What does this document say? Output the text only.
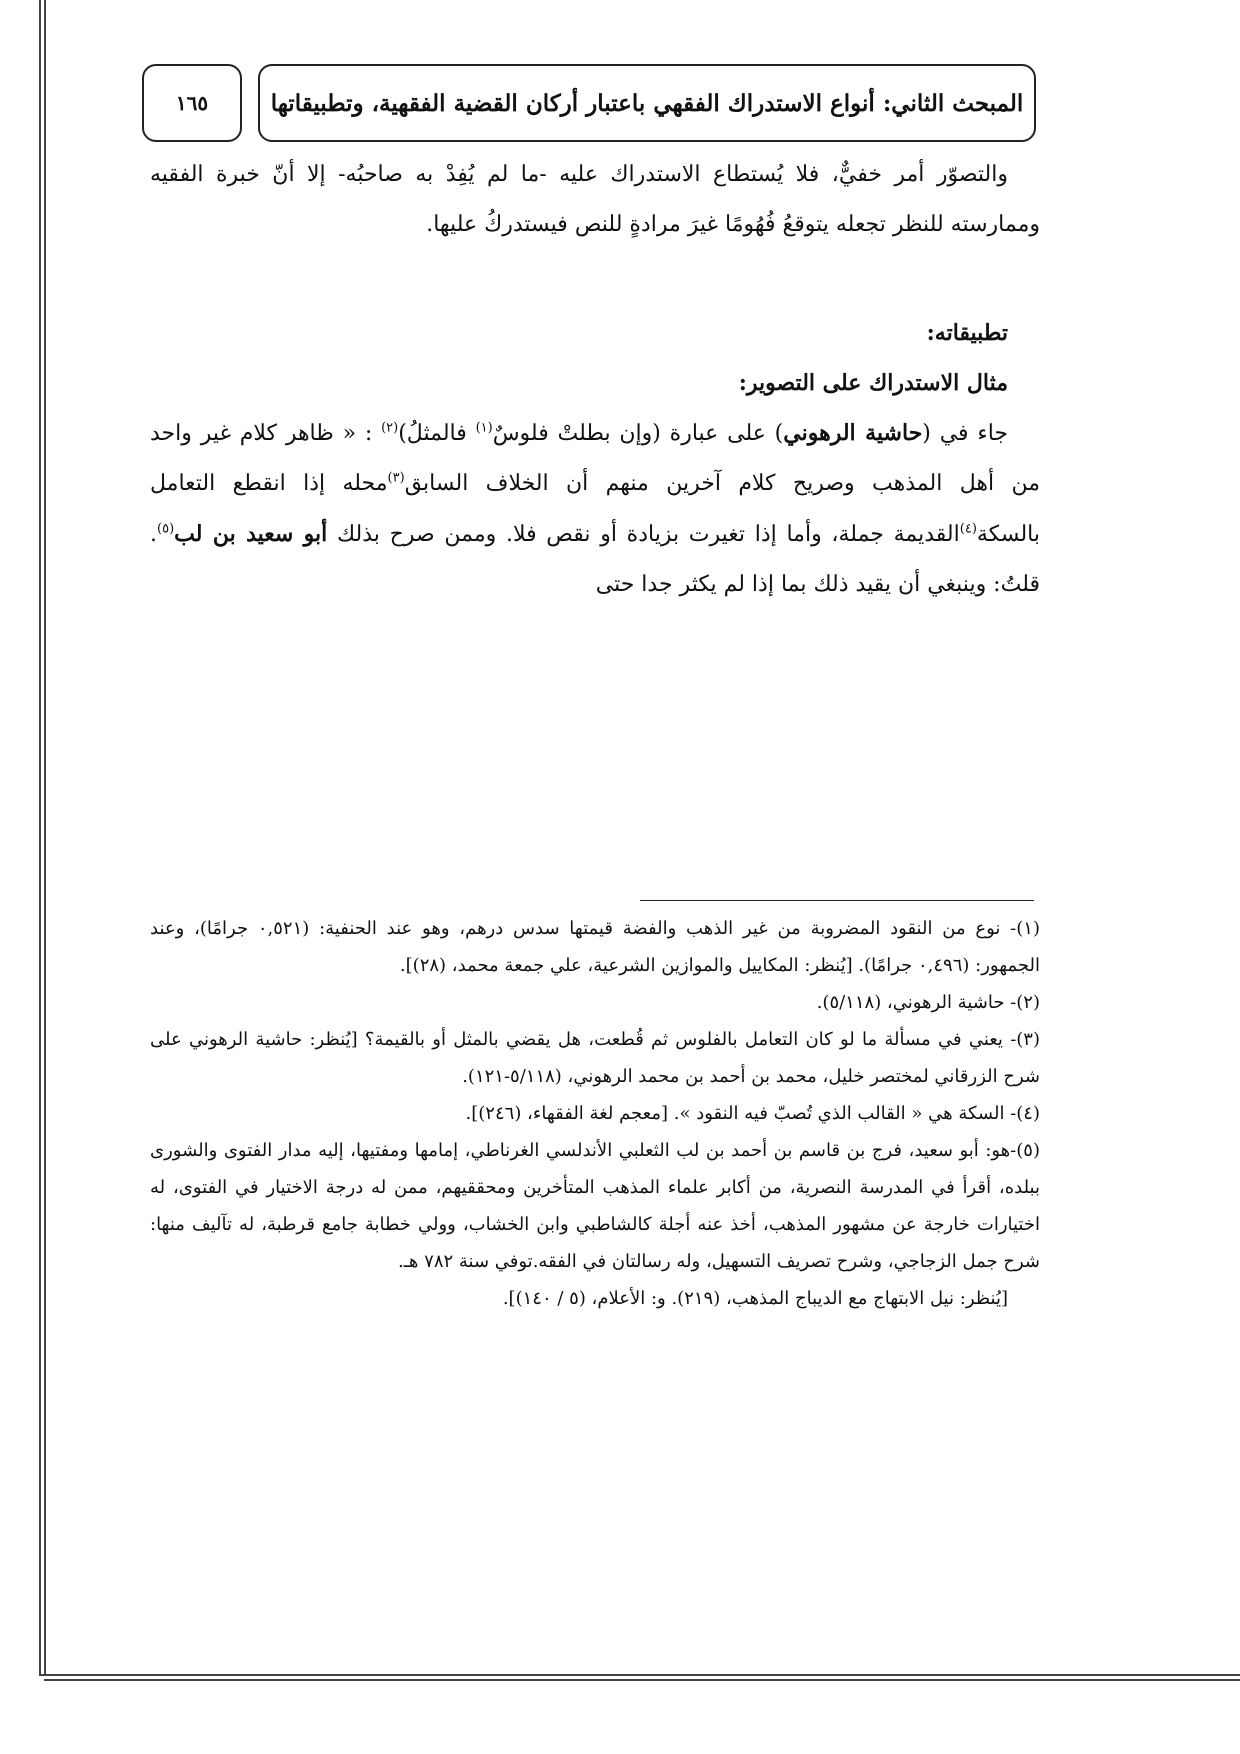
المبحث الثاني: أنواع الاستدراك الفقهي باعتبار أركان القضية الفقهية، وتطبيقاتها
١٦٥

والتصوّر أمر خفيٌّ، فلا يُستطاع الاستدراك عليه -ما لم يُفِدْ به صاحبُه- إلا أنّ خبرة الفقيه وممارسته للنظر تجعله يتوقعُ فُهُومًا غيرَ مرادةٍ للنص فيستدركُ عليها.

تطبيقاته:

مثال الاستدراك على التصوير:

جاء في (حاشية الرهوني) على عبارة (وإن بطلتْ فلوسٌ$^{(١)}$ فالمثلُ)$^{(٢)}$ : « ظاهر كلام غير واحد من أهل المذهب وصريح كلام آخرين منهم أن الخلاف السابق$^{(٣)}$محله إذا انقطع التعامل بالسكة$^{(٤)}$القديمة جملة، وأما إذا تغيرت بزيادة أو نقص فلا. وممن صرح بذلك أبو سعيد بن لب$^{(٥)}$. قلتُ: وينبغي أن يقيد ذلك بما إذا لم يكثر جدا حتى

(١)- نوع من النقود المضروبة من غير الذهب والفضة قيمتها سدس درهم، وهو عند الحنفية: (٠,٥٢١ جرامًا)، وعند الجمهور: (٠,٤٩٦ جرامًا). [يُنظر: المكاييل والموازين الشرعية، علي جمعة محمد، (٢٨)].

(٢)- حاشية الرهوني، (٥/١١٨).

(٣)- يعني في مسألة ما لو كان التعامل بالفلوس ثم قُطعت، هل يقضي بالمثل أو بالقيمة؟ [يُنظر: حاشية الرهوني على شرح الزرقاني لمختصر خليل، محمد بن أحمد بن محمد الرهوني، (٥/١١٨-١٢١).

(٤)- السكة هي « القالب الذي تُصبّ فيه النقود ». [معجم لغة الفقهاء، (٢٤٦)].

(٥)-هو: أبو سعيد، فرج بن قاسم بن أحمد بن لب الثعلبي الأندلسي الغرناطي، إمامها ومفتيها، إليه مدار الفتوى والشورى ببلده، أقرأ في المدرسة النصرية، من أكابر علماء المذهب المتأخرين ومحققيهم، ممن له درجة الاختيار في الفتوى، له اختيارات خارجة عن مشهور المذهب، أخذ عنه أجلة كالشاطبي وابن الخشاب، وولي خطابة جامع قرطبة، له تآليف منها: شرح جمل الزجاجي، وشرح تصريف التسهيل، وله رسالتان في الفقه.توفي سنة ٧٨٢ هـ.

[يُنظر: نيل الابتهاج مع الديباج المذهب، (٢١٩). و: الأعلام، (٥ / ١٤٠)].
